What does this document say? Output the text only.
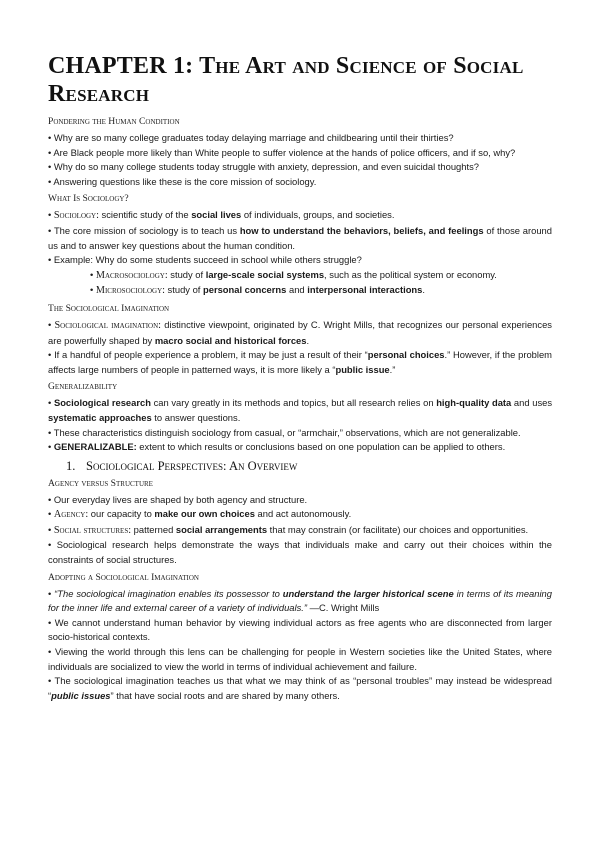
CHAPTER 1: The Art and Science of Social Research
Pondering the Human Condition

• Why are so many college graduates today delaying marriage and childbearing until their thirties?

• Are Black people more likely than White people to suffer violence at the hands of police officers, and if so, why?

• Why do so many college students today struggle with anxiety, depression, and even suicidal thoughts?

• Answering questions like these is the core mission of sociology.

What Is Sociology?

• Sociology: scientific study of the social lives of individuals, groups, and societies.

• The core mission of sociology is to teach us how to understand the behaviors, beliefs, and feelings of those around us and to answer key questions about the human condition.

• Example: Why do some students succeed in school while others struggle?

• Macrosociology: study of large-scale social systems, such as the political system or economy.

• Microsociology: study of personal concerns and interpersonal interactions.

The Sociological Imagination

• Sociological imagination: distinctive viewpoint, originated by C. Wright Mills, that recognizes our personal experiences are powerfully shaped by macro social and historical forces.

• If a handful of people experience a problem, it may be just a result of their “personal choices.” However, if the problem affects large numbers of people in patterned ways, it is more likely a “public issue.”

Generalizability

• Sociological research can vary greatly in its methods and topics, but all research relies on high-quality data and uses systematic approaches to answer questions.

• These characteristics distinguish sociology from casual, or “armchair,” observations, which are not generalizable.

• GENERALIZABLE: extent to which results or conclusions based on one population can be applied to others.

1. Sociological Perspectives: An Overview
Agency versus Structure

• Our everyday lives are shaped by both agency and structure.

• Agency: our capacity to make our own choices and act autonomously.

• Social structures: patterned social arrangements that may constrain (or facilitate) our choices and opportunities.

• Sociological research helps demonstrate the ways that individuals make and carry out their choices within the constraints of social structures.

Adopting a Sociological Imagination

• “The sociological imagination enables its possessor to understand the larger historical scene in terms of its meaning for the inner life and external career of a variety of individuals.” —C. Wright Mills

• We cannot understand human behavior by viewing individual actors as free agents who are disconnected from larger socio-historical contexts.

• Viewing the world through this lens can be challenging for people in Western societies like the United States, where individuals are socialized to view the world in terms of individual achievement and failure.

• The sociological imagination teaches us that what we may think of as “personal troubles” may instead be widespread “public issues” that have social roots and are shared by many others.
